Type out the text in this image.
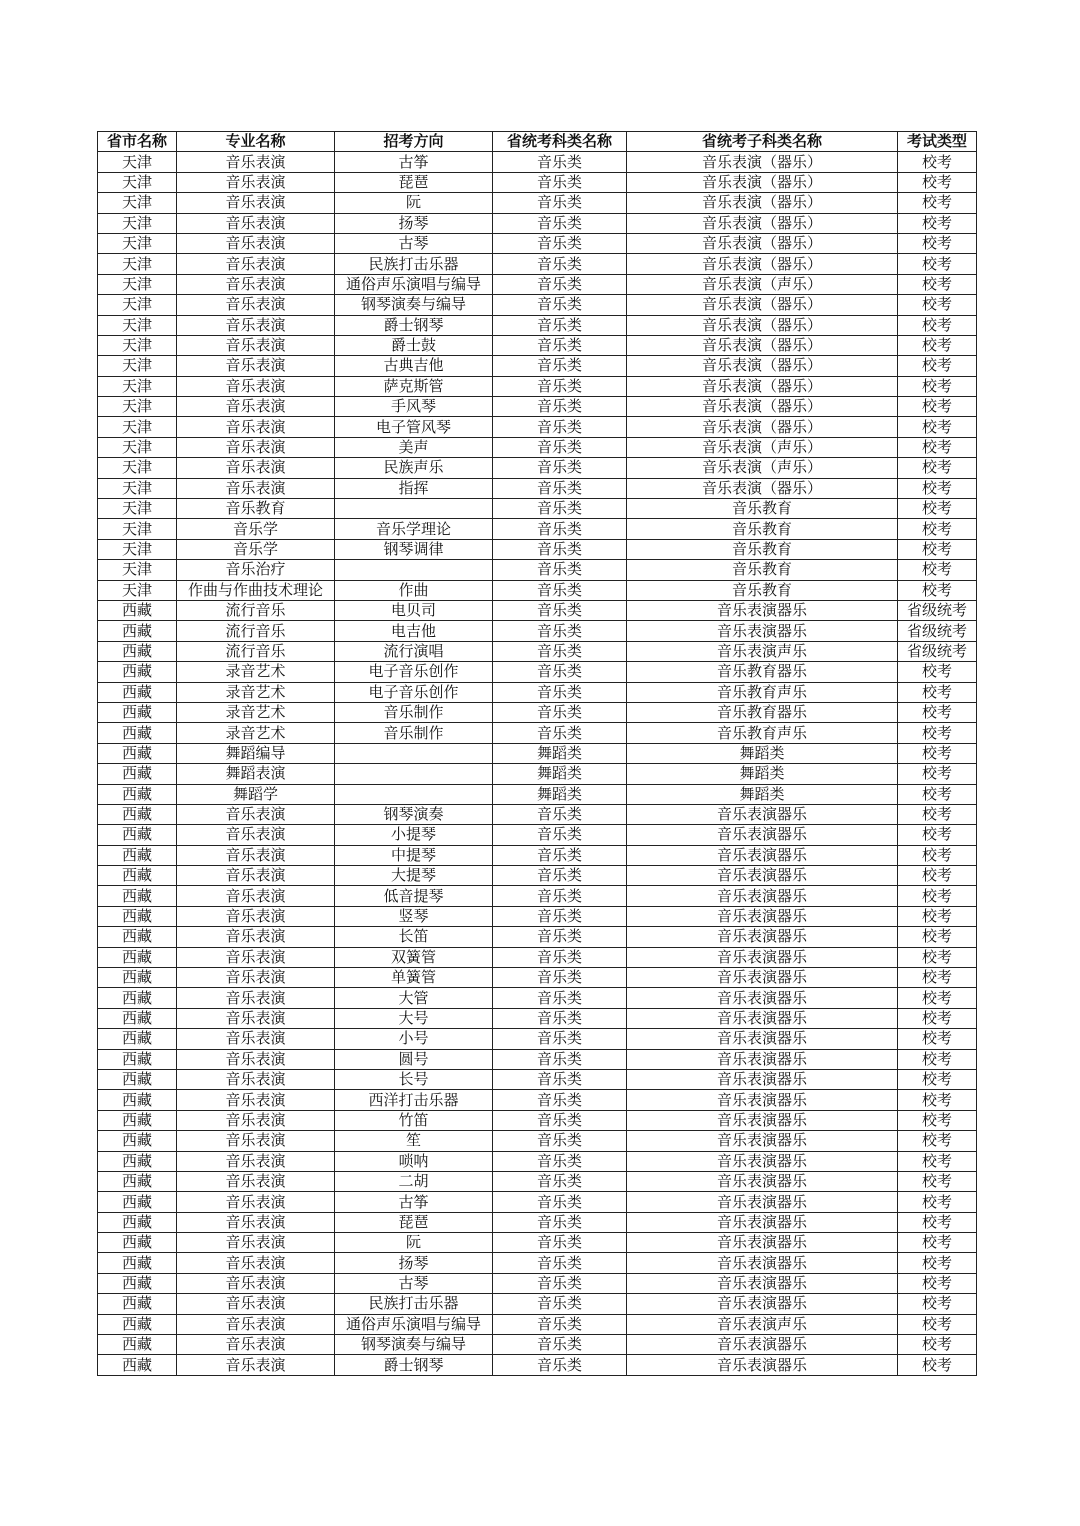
省市名称	专业名称	招考方向	省统考科类名称	省统考子科类名称	考试类型
天津	音乐表演	古筝	音乐类	音乐表演（器乐）	校考
天津	音乐表演	琵琶	音乐类	音乐表演（器乐）	校考
天津	音乐表演	阮	音乐类	音乐表演（器乐）	校考
天津	音乐表演	扬琴	音乐类	音乐表演（器乐）	校考
天津	音乐表演	古琴	音乐类	音乐表演（器乐）	校考
天津	音乐表演	民族打击乐器	音乐类	音乐表演（器乐）	校考
天津	音乐表演	通俗声乐演唱与编导	音乐类	音乐表演（声乐）	校考
天津	音乐表演	钢琴演奏与编导	音乐类	音乐表演（器乐）	校考
天津	音乐表演	爵士钢琴	音乐类	音乐表演（器乐）	校考
天津	音乐表演	爵士鼓	音乐类	音乐表演（器乐）	校考
天津	音乐表演	古典吉他	音乐类	音乐表演（器乐）	校考
天津	音乐表演	萨克斯管	音乐类	音乐表演（器乐）	校考
天津	音乐表演	手风琴	音乐类	音乐表演（器乐）	校考
天津	音乐表演	电子管风琴	音乐类	音乐表演（器乐）	校考
天津	音乐表演	美声	音乐类	音乐表演（声乐）	校考
天津	音乐表演	民族声乐	音乐类	音乐表演（声乐）	校考
天津	音乐表演	指挥	音乐类	音乐表演（器乐）	校考
天津	音乐教育		音乐类	音乐教育	校考
天津	音乐学	音乐学理论	音乐类	音乐教育	校考
天津	音乐学	钢琴调律	音乐类	音乐教育	校考
天津	音乐治疗		音乐类	音乐教育	校考
天津	作曲与作曲技术理论	作曲	音乐类	音乐教育	校考
西藏	流行音乐	电贝司	音乐类	音乐表演器乐	省级统考
西藏	流行音乐	电吉他	音乐类	音乐表演器乐	省级统考
西藏	流行音乐	流行演唱	音乐类	音乐表演声乐	省级统考
西藏	录音艺术	电子音乐创作	音乐类	音乐教育器乐	校考
西藏	录音艺术	电子音乐创作	音乐类	音乐教育声乐	校考
西藏	录音艺术	音乐制作	音乐类	音乐教育器乐	校考
西藏	录音艺术	音乐制作	音乐类	音乐教育声乐	校考
西藏	舞蹈编导		舞蹈类	舞蹈类	校考
西藏	舞蹈表演		舞蹈类	舞蹈类	校考
西藏	舞蹈学		舞蹈类	舞蹈类	校考
西藏	音乐表演	钢琴演奏	音乐类	音乐表演器乐	校考
西藏	音乐表演	小提琴	音乐类	音乐表演器乐	校考
西藏	音乐表演	中提琴	音乐类	音乐表演器乐	校考
西藏	音乐表演	大提琴	音乐类	音乐表演器乐	校考
西藏	音乐表演	低音提琴	音乐类	音乐表演器乐	校考
西藏	音乐表演	竖琴	音乐类	音乐表演器乐	校考
西藏	音乐表演	长笛	音乐类	音乐表演器乐	校考
西藏	音乐表演	双簧管	音乐类	音乐表演器乐	校考
西藏	音乐表演	单簧管	音乐类	音乐表演器乐	校考
西藏	音乐表演	大管	音乐类	音乐表演器乐	校考
西藏	音乐表演	大号	音乐类	音乐表演器乐	校考
西藏	音乐表演	小号	音乐类	音乐表演器乐	校考
西藏	音乐表演	圆号	音乐类	音乐表演器乐	校考
西藏	音乐表演	长号	音乐类	音乐表演器乐	校考
西藏	音乐表演	西洋打击乐器	音乐类	音乐表演器乐	校考
西藏	音乐表演	竹笛	音乐类	音乐表演器乐	校考
西藏	音乐表演	笙	音乐类	音乐表演器乐	校考
西藏	音乐表演	唢呐	音乐类	音乐表演器乐	校考
西藏	音乐表演	二胡	音乐类	音乐表演器乐	校考
西藏	音乐表演	古筝	音乐类	音乐表演器乐	校考
西藏	音乐表演	琵琶	音乐类	音乐表演器乐	校考
西藏	音乐表演	阮	音乐类	音乐表演器乐	校考
西藏	音乐表演	扬琴	音乐类	音乐表演器乐	校考
西藏	音乐表演	古琴	音乐类	音乐表演器乐	校考
西藏	音乐表演	民族打击乐器	音乐类	音乐表演器乐	校考
西藏	音乐表演	通俗声乐演唱与编导	音乐类	音乐表演声乐	校考
西藏	音乐表演	钢琴演奏与编导	音乐类	音乐表演器乐	校考
西藏	音乐表演	爵士钢琴	音乐类	音乐表演器乐	校考
